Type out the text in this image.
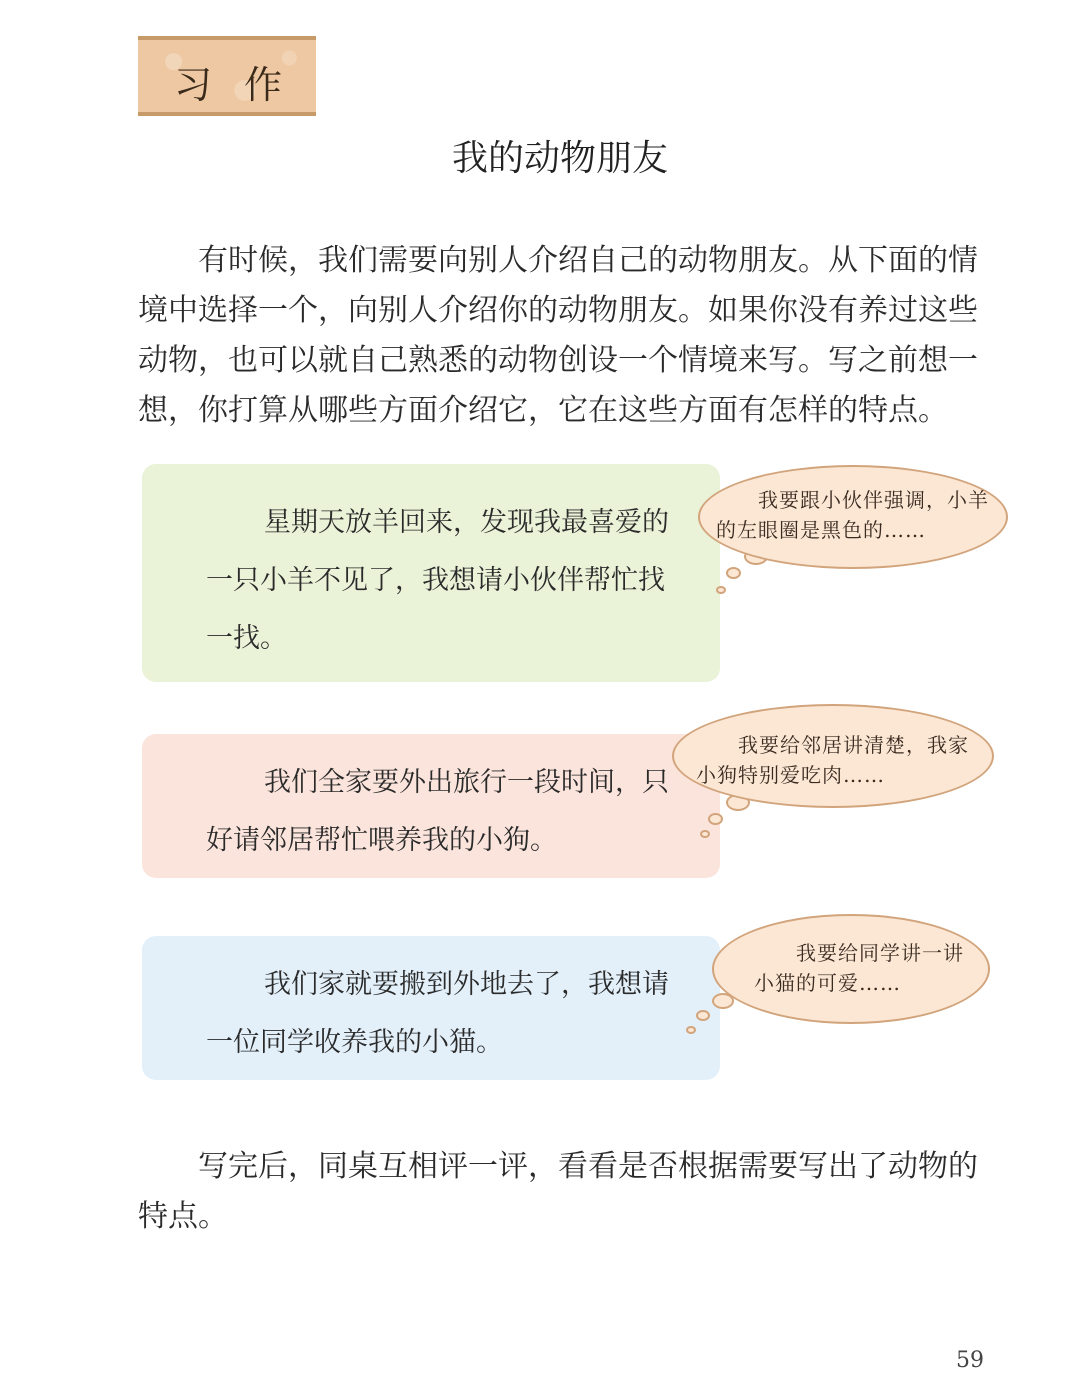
习 作
我的动物朋友

有时候，我们需要向别人介绍自己的动物朋友。从下面的情境中选择一个，向别人介绍你的动物朋友。如果你没有养过这些动物，也可以就自己熟悉的动物创设一个情境来写。写之前想一想，你打算从哪些方面介绍它，它在这些方面有怎样的特点。

星期天放羊回来，发现我最喜爱的一只小羊不见了，我想请小伙伴帮忙找一找。

我要跟小伙伴强调，小羊的左眼圈是黑色的……

我们全家要外出旅行一段时间，只好请邻居帮忙喂养我的小狗。

我要给邻居讲清楚，我家小狗特别爱吃肉……

我们家就要搬到外地去了，我想请一位同学收养我的小猫。

我要给同学讲一讲小猫的可爱……

写完后，同桌互相评一评，看看是否根据需要写出了动物的特点。

59
